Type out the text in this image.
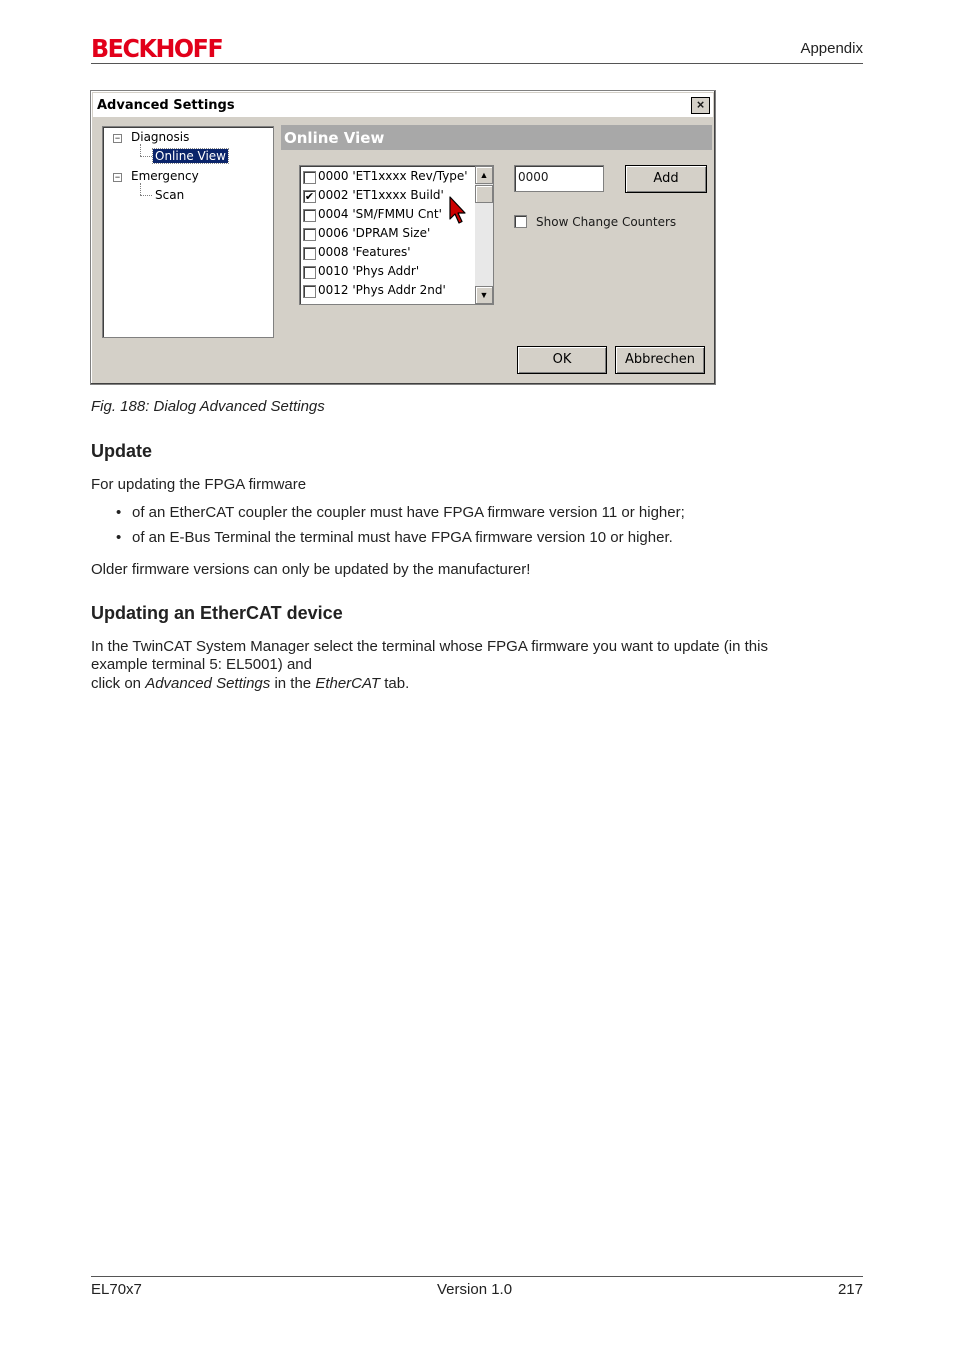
BECKHOFF	Appendix
Advanced Settings	×
− Diagnosis
Online View
− Emergency
Scan
Online View
0000 'ET1xxxx Rev/Type'
✔ 0002 'ET1xxxx Build'
0004 'SM/FMMU Cnt'
0006 'DPRAM Size'
0008 'Features'
0010 'Phys Addr'
0012 'Phys Addr 2nd'
▲
▼
0000	Add
Show Change Counters
OK	Abbrechen
Fig. 188: Dialog Advanced Settings
Update
For updating the FPGA firmware
• of an EtherCAT coupler the coupler must have FPGA firmware version 11 or higher;
• of an E-Bus Terminal the terminal must have FPGA firmware version 10 or higher.
Older firmware versions can only be updated by the manufacturer!
Updating an EtherCAT device
In the TwinCAT System Manager select the terminal whose FPGA firmware you want to update (in this
example terminal 5: EL5001) and
click on Advanced Settings in the EtherCAT tab.
EL70x7	Version 1.0	217
